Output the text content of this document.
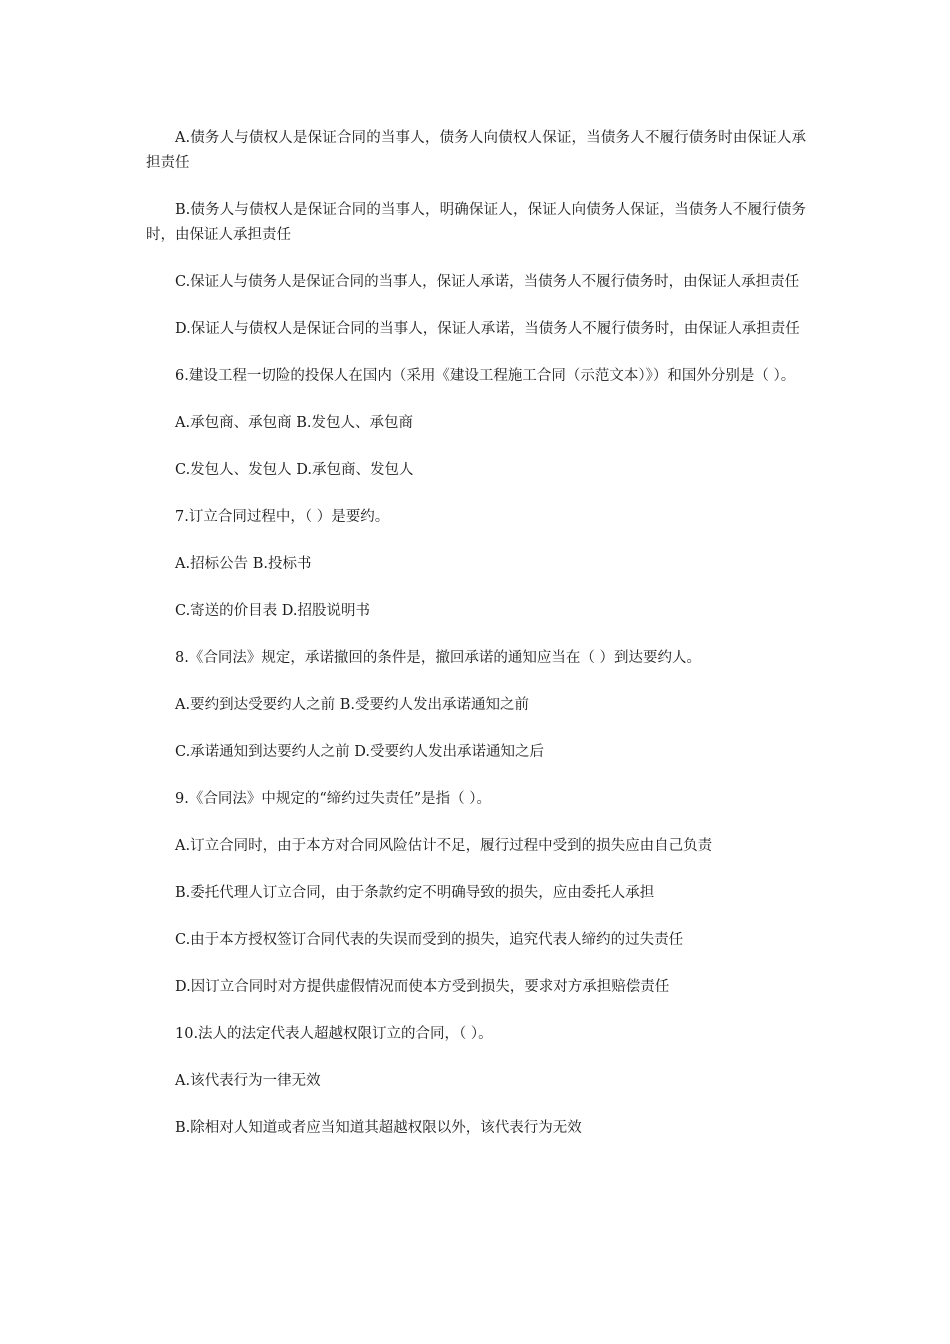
A.债务人与债权人是保证合同的当事人，债务人向债权人保证，当债务人不履行债务时由保证人承担责任

B.债务人与债权人是保证合同的当事人，明确保证人，保证人向债务人保证，当债务人不履行债务时，由保证人承担责任

C.保证人与债务人是保证合同的当事人，保证人承诺，当债务人不履行债务时，由保证人承担责任

D.保证人与债权人是保证合同的当事人，保证人承诺，当债务人不履行债务时，由保证人承担责任

6.建设工程一切险的投保人在国内（采用《建设工程施工合同（示范文本）》）和国外分别是（ ）。

A.承包商、承包商 B.发包人、承包商

C.发包人、发包人 D.承包商、发包人

7.订立合同过程中，（ ）是要约。

A.招标公告 B.投标书

C.寄送的价目表 D.招股说明书

8.《合同法》规定，承诺撤回的条件是，撤回承诺的通知应当在（ ）到达要约人。

A.要约到达受要约人之前 B.受要约人发出承诺通知之前

C.承诺通知到达要约人之前 D.受要约人发出承诺通知之后

9.《合同法》中规定的“缔约过失责任”是指（ ）。

A.订立合同时，由于本方对合同风险估计不足，履行过程中受到的损失应由自己负责

B.委托代理人订立合同，由于条款约定不明确导致的损失，应由委托人承担

C.由于本方授权签订合同代表的失误而受到的损失，追究代表人缔约的过失责任

D.因订立合同时对方提供虚假情况而使本方受到损失，要求对方承担赔偿责任

10.法人的法定代表人超越权限订立的合同，（ ）。

A.该代表行为一律无效

B.除相对人知道或者应当知道其超越权限以外，该代表行为无效
